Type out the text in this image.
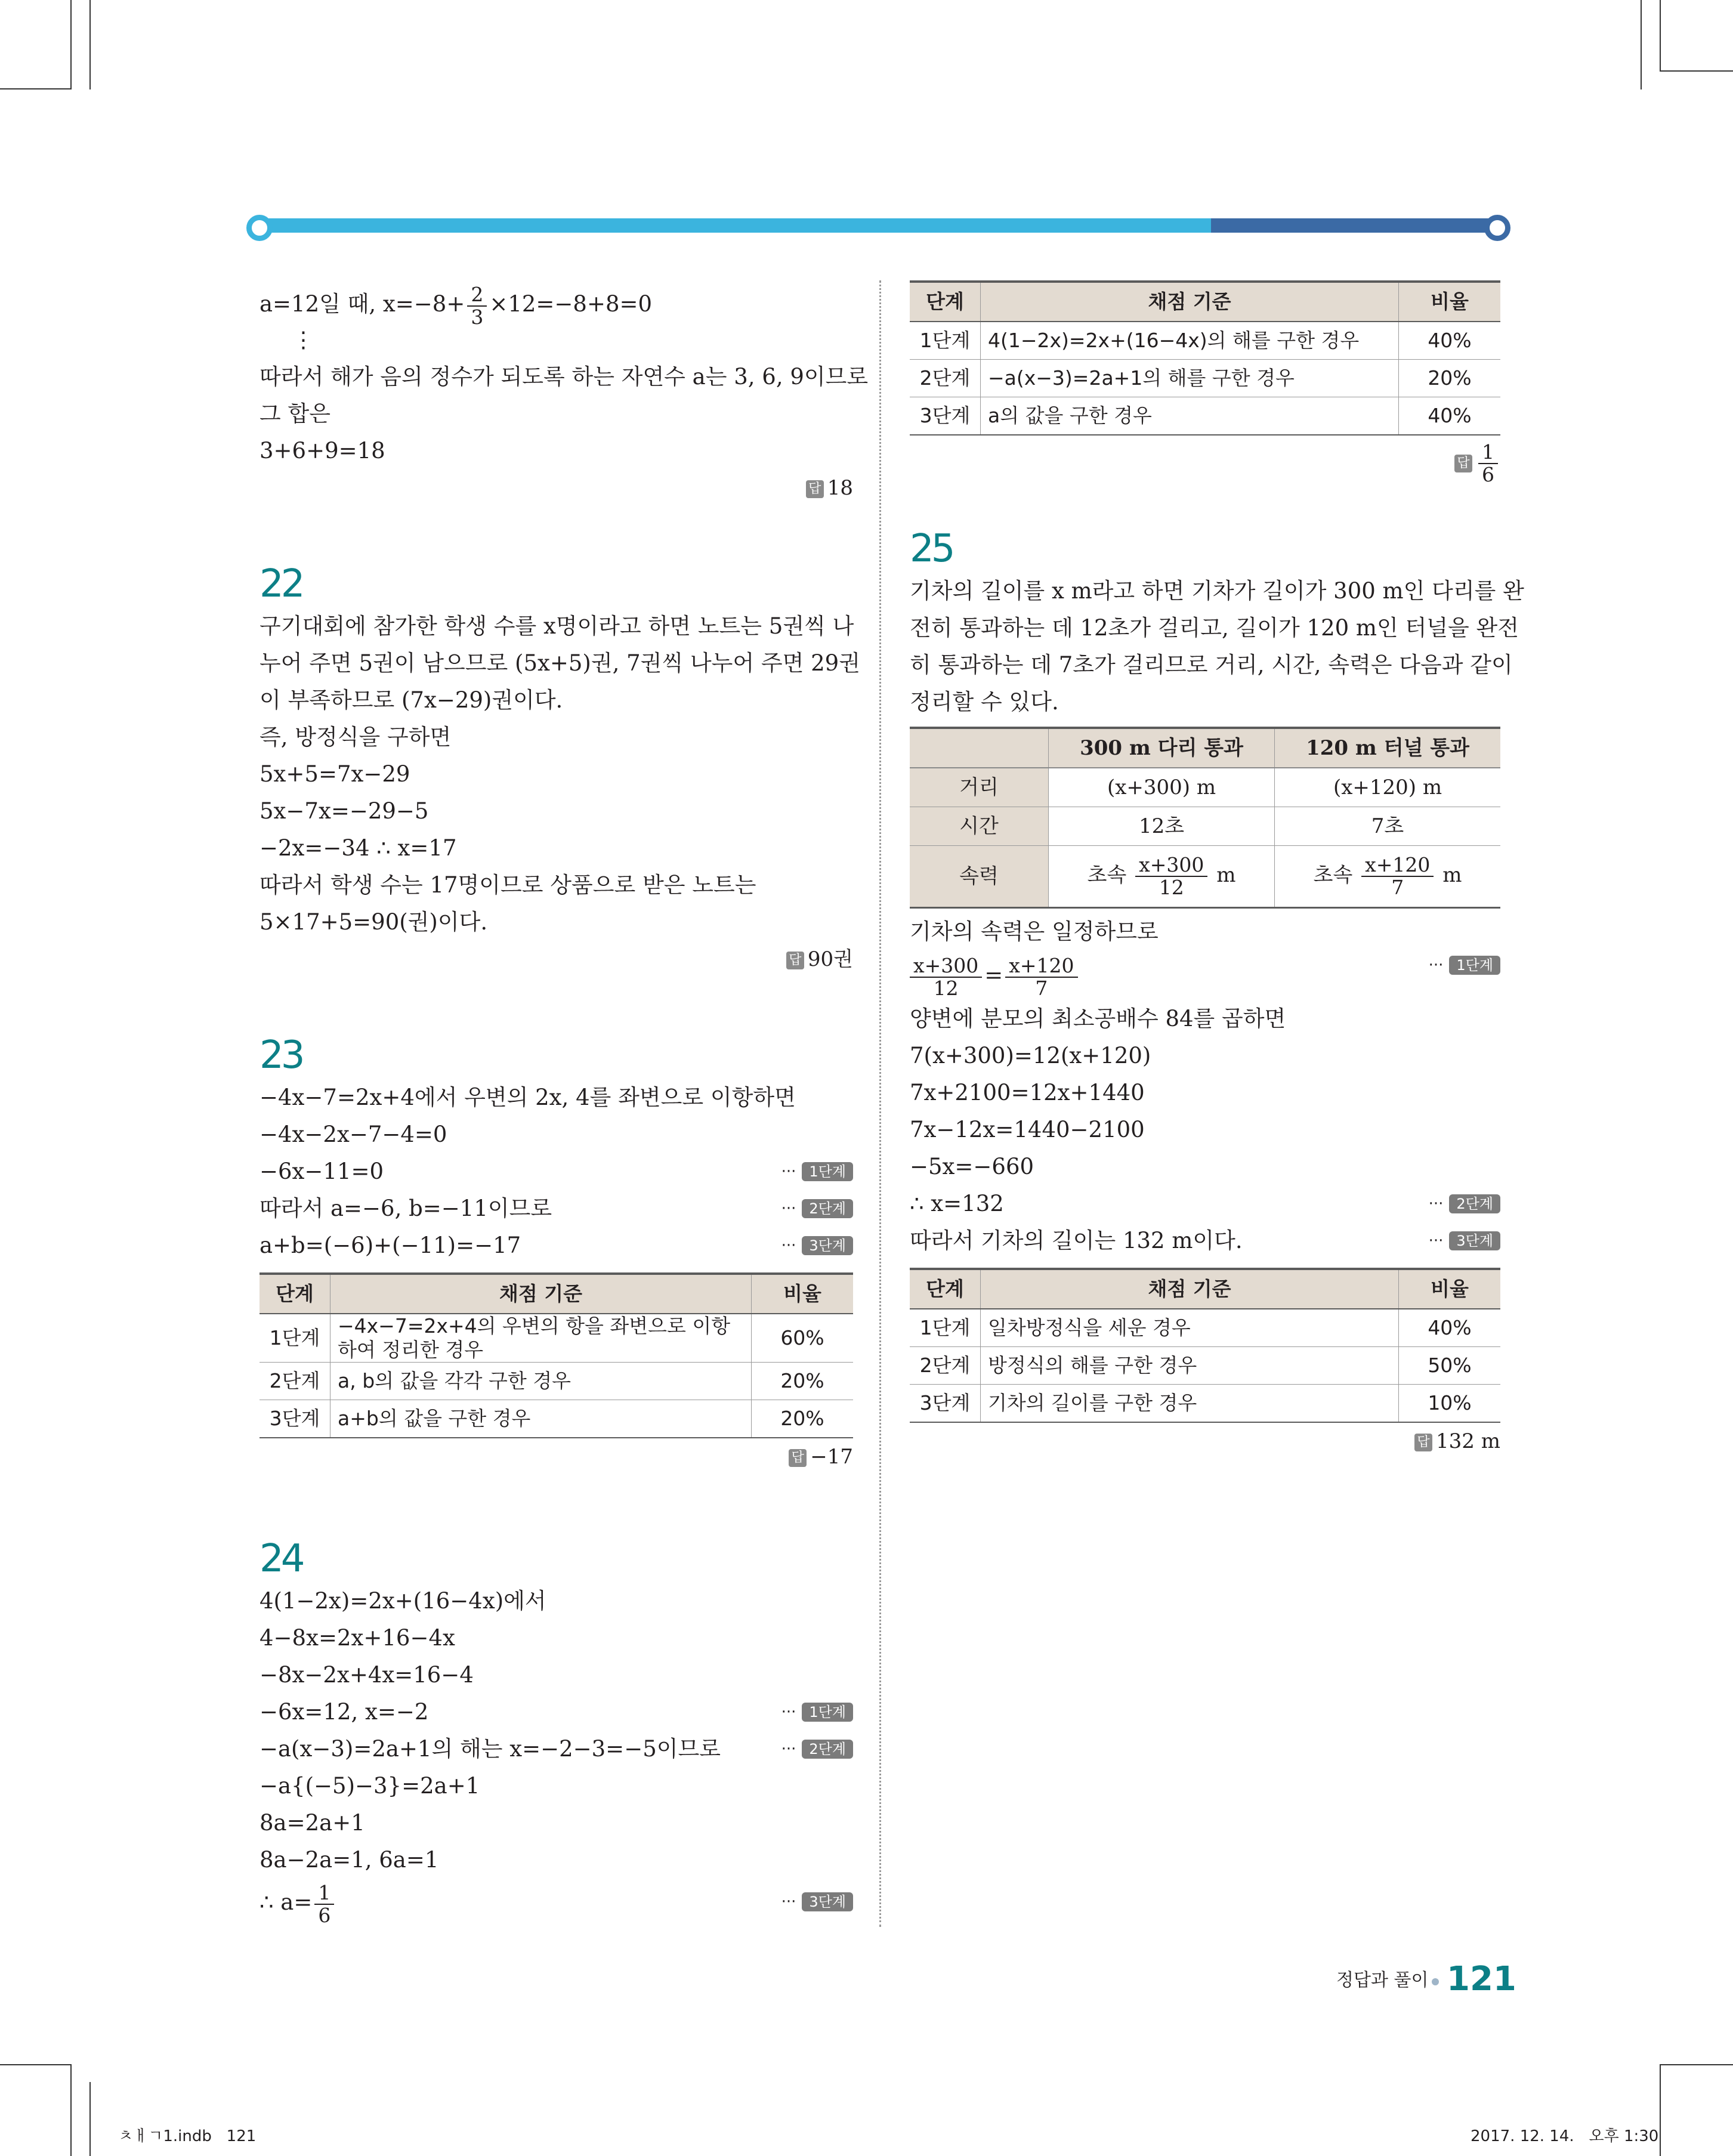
a=12일 때, $x=-8+ \frac{2}{3} \times 12=-8+8=0$
⋮
따라서 해가 음의 정수가 되도록 하는 자연수 a는 3, 6, 9이므로
그 합은
3+6+9=18
답 18
22
구기대회에 참가한 학생 수를 x명이라고 하면 노트는 5권씩 나
누어 주면 5권이 남으므로 (5x+5)권, 7권씩 나누어 주면 29권
이 부족하므로 (7x−29)권이다.
즉, 방정식을 구하면
5x+5=7x−29
5x−7x=−29−5
−2x=−34 ∴ x=17
따라서 학생 수는 17명이므로 상품으로 받은 노트는
5×17+5=90(권)이다.
답 90권
23
−4x−7=2x+4에서 우변의 2x, 4를 좌변으로 이항하면
−4x−2x−7−4=0
−6x−11=0	··· 1단계
따라서 a=−6, b=−11이므로	··· 2단계
a+b=(−6)+(−11)=−17	··· 3단계
단계	채점 기준	비율
1단계	−4x−7=2x+4의 우변의 항을 좌변으로 이항하여 정리한 경우	60%
2단계	a, b의 값을 각각 구한 경우	20%
3단계	a+b의 값을 구한 경우	20%
답 −17
24
4(1−2x)=2x+(16−4x)에서
4−8x=2x+16−4x
−8x−2x+4x=16−4
−6x=12, x=−2	··· 1단계
−a(x−3)=2a+1의 해는 x=−2−3=−5이므로	··· 2단계
−a{(−5)−3}=2a+1
8a=2a+1
8a−2a=1, 6a=1
∴ $a= \frac{1}{6}$	··· 3단계
단계	채점 기준	비율
1단계	4(1−2x)=2x+(16−4x)의 해를 구한 경우	40%
2단계	−a(x−3)=2a+1의 해를 구한 경우	20%
3단계	a의 값을 구한 경우	40%
답 $\frac{1}{6}$
25
기차의 길이를 x m라고 하면 기차가 길이가 300 m인 다리를 완
전히 통과하는 데 12초가 걸리고, 길이가 120 m인 터널을 완전
히 통과하는 데 7초가 걸리므로 거리, 시간, 속력은 다음과 같이
정리할 수 있다.
	300 m 다리 통과	120 m 터널 통과
거리	(x+300) m	(x+120) m
시간	12초	7초
속력	초속 $\frac{x+300}{12}$ m	초속 $\frac{x+120}{7}$ m
기차의 속력은 일정하므로
$\frac{x+300}{12} = \frac{x+120}{7}$	··· 1단계
양변에 분모의 최소공배수 84를 곱하면
7(x+300)=12(x+120)
7x+2100=12x+1440
7x−12x=1440−2100
−5x=−660
∴ x=132	··· 2단계
따라서 기차의 길이는 132 m이다.	··· 3단계
단계	채점 기준	비율
1단계	일차방정식을 세운 경우	40%
2단계	방정식의 해를 구한 경우	50%
3단계	기차의 길이를 구한 경우	10%
답 132 m
정답과 풀이 121
ㅊㅐㄱ1.indb   121	2017. 12. 14.   오후 1:30
